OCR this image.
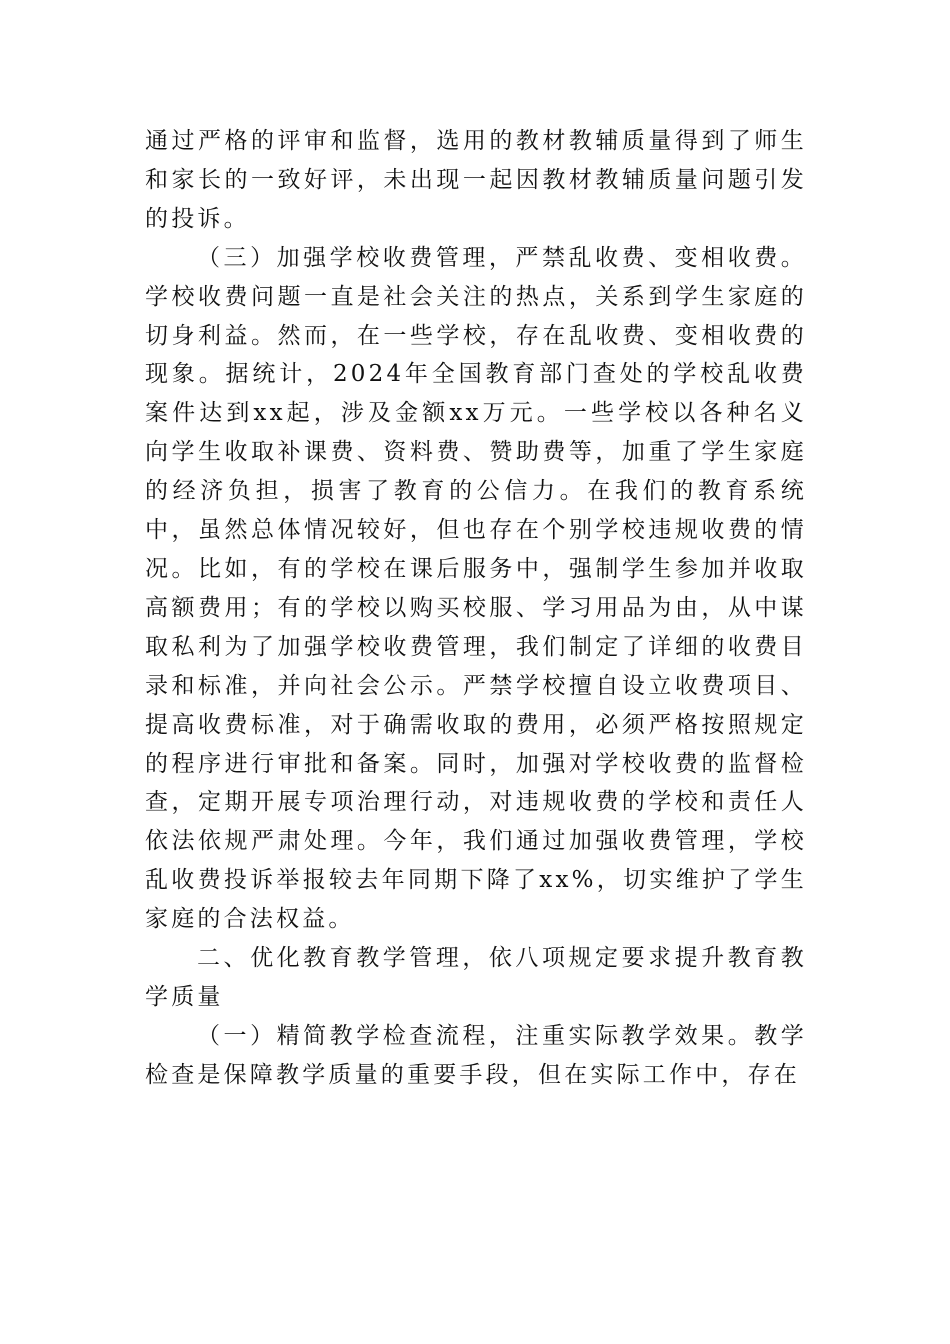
通过严格的评审和监督，选用的教材教辅质量得到了师生和家长的一致好评，未出现一起因教材教辅质量问题引发的投诉。

（三）加强学校收费管理，严禁乱收费、变相收费。学校收费问题一直是社会关注的热点，关系到学生家庭的切身利益。然而，在一些学校，存在乱收费、变相收费的现象。据统计，2024年全国教育部门查处的学校乱收费案件达到xx起，涉及金额xx万元。一些学校以各种名义向学生收取补课费、资料费、赞助费等，加重了学生家庭的经济负担，损害了教育的公信力。在我们的教育系统中，虽然总体情况较好，但也存在个别学校违规收费的情况。比如，有的学校在课后服务中，强制学生参加并收取高额费用；有的学校以购买校服、学习用品为由，从中谋取私利为了加强学校收费管理，我们制定了详细的收费目录和标准，并向社会公示。严禁学校擅自设立收费项目、提高收费标准，对于确需收取的费用，必须严格按照规定的程序进行审批和备案。同时，加强对学校收费的监督检查，定期开展专项治理行动，对违规收费的学校和责任人依法依规严肃处理。今年，我们通过加强收费管理，学校乱收费投诉举报较去年同期下降了xx%，切实维护了学生家庭的合法权益。

二、优化教育教学管理，依八项规定要求提升教育教学质量

（一）精简教学检查流程，注重实际教学效果。教学检查是保障教学质量的重要手段，但在实际工作中，存在
